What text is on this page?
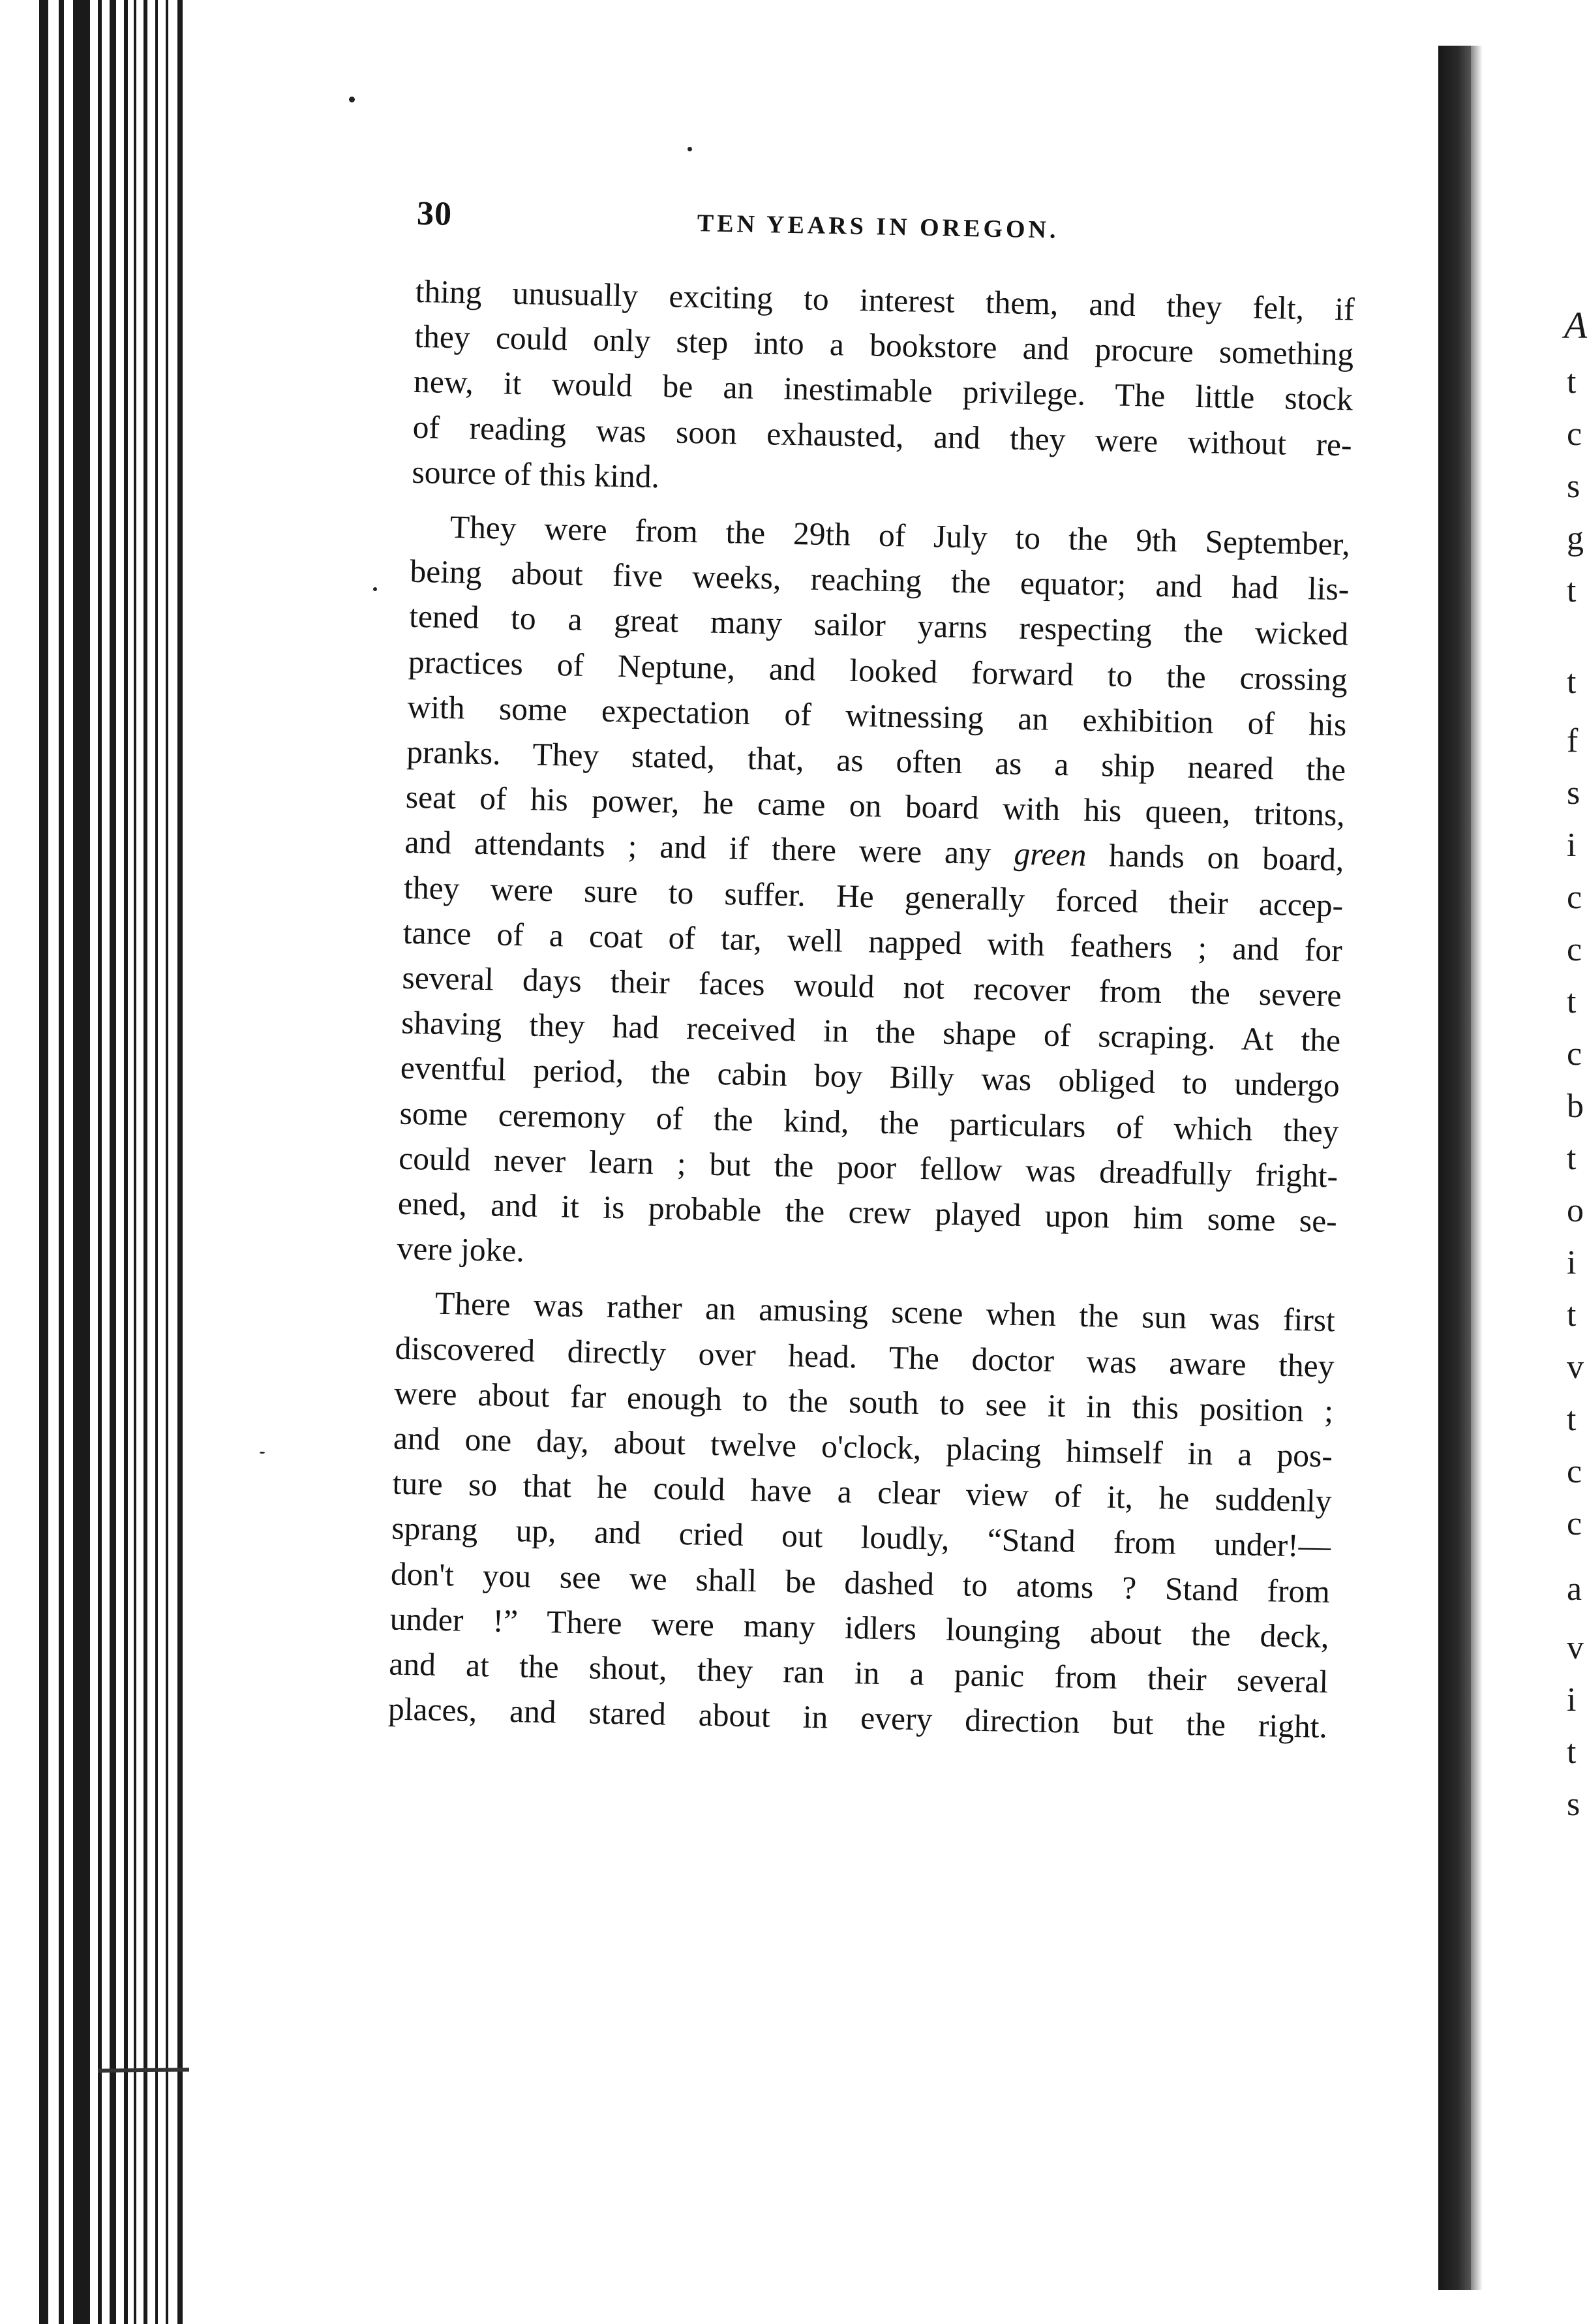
30	TEN YEARS IN OREGON.

thing unusually exciting to interest them, and they felt, if
they could only step into a bookstore and procure something
new, it would be an inestimable privilege. The little stock
of reading was soon exhausted, and they were without re-
source of this kind.

They were from the 29th of July to the 9th September,
being about five weeks, reaching the equator; and had lis-
tened to a great many sailor yarns respecting the wicked
practices of Neptune, and looked forward to the crossing
with some expectation of witnessing an exhibition of his
pranks. They stated, that, as often as a ship neared the
seat of his power, he came on board with his queen, tritons,
and attendants ; and if there were any green hands on board,
they were sure to suffer. He generally forced their accep-
tance of a coat of tar, well napped with feathers ; and for
several days their faces would not recover from the severe
shaving they had received in the shape of scraping. At the
eventful period, the cabin boy Billy was obliged to undergo
some ceremony of the kind, the particulars of which they
could never learn ; but the poor fellow was dreadfully fright-
ened, and it is probable the crew played upon him some se-
vere joke.

There was rather an amusing scene when the sun was first
discovered directly over head. The doctor was aware they
were about far enough to the south to see it in this position ;
and one day, about twelve o'clock, placing himself in a pos-
ture so that he could have a clear view of it, he suddenly
sprang up, and cried out loudly, “Stand from under!—
don't you see we shall be dashed to atoms ? Stand from
under !” There were many idlers lounging about the deck,
and at the shout, they ran in a panic from their several
places, and stared about in every direction but the right.

A
t
c
s
g
t
t
f
s
i
c
c
t
c
b
t
o
i
t
v
t
c
c
a
v
i
t
s
